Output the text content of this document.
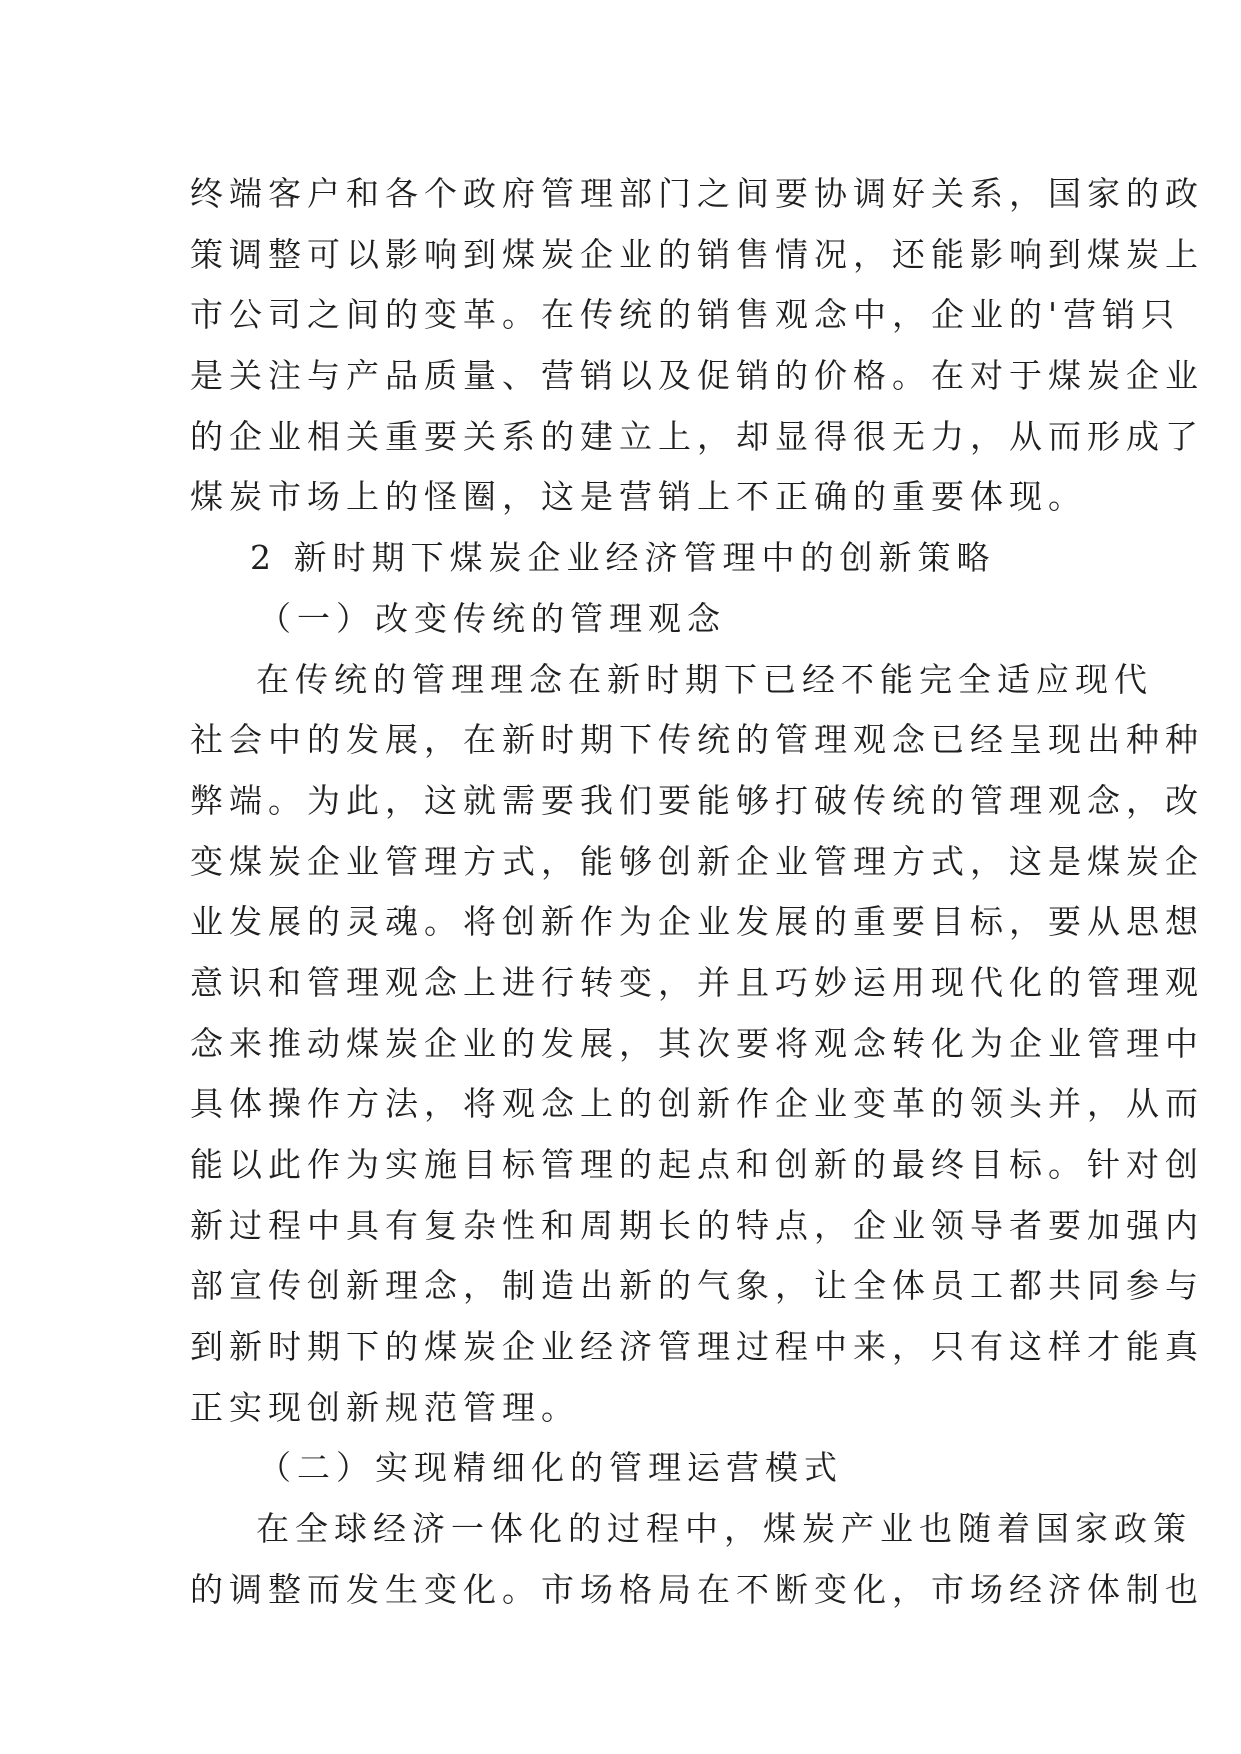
终端客户和各个政府管理部门之间要协调好关系，国家的政
策调整可以影响到煤炭企业的销售情况，还能影响到煤炭上
市公司之间的变革。在传统的销售观念中，企业的'营销只
是关注与产品质量、营销以及促销的价格。在对于煤炭企业
的企业相关重要关系的建立上，却显得很无力，从而形成了
煤炭市场上的怪圈，这是营销上不正确的重要体现。
2 新时期下煤炭企业经济管理中的创新策略
（一）改变传统的管理观念
在传统的管理理念在新时期下已经不能完全适应现代
社会中的发展，在新时期下传统的管理观念已经呈现出种种
弊端。为此，这就需要我们要能够打破传统的管理观念，改
变煤炭企业管理方式，能够创新企业管理方式，这是煤炭企
业发展的灵魂。将创新作为企业发展的重要目标，要从思想
意识和管理观念上进行转变，并且巧妙运用现代化的管理观
念来推动煤炭企业的发展，其次要将观念转化为企业管理中
具体操作方法，将观念上的创新作企业变革的领头并，从而
能以此作为实施目标管理的起点和创新的最终目标。针对创
新过程中具有复杂性和周期长的特点，企业领导者要加强内
部宣传创新理念，制造出新的气象，让全体员工都共同参与
到新时期下的煤炭企业经济管理过程中来，只有这样才能真
正实现创新规范管理。
（二）实现精细化的管理运营模式
在全球经济一体化的过程中，煤炭产业也随着国家政策
的调整而发生变化。市场格局在不断变化，市场经济体制也
